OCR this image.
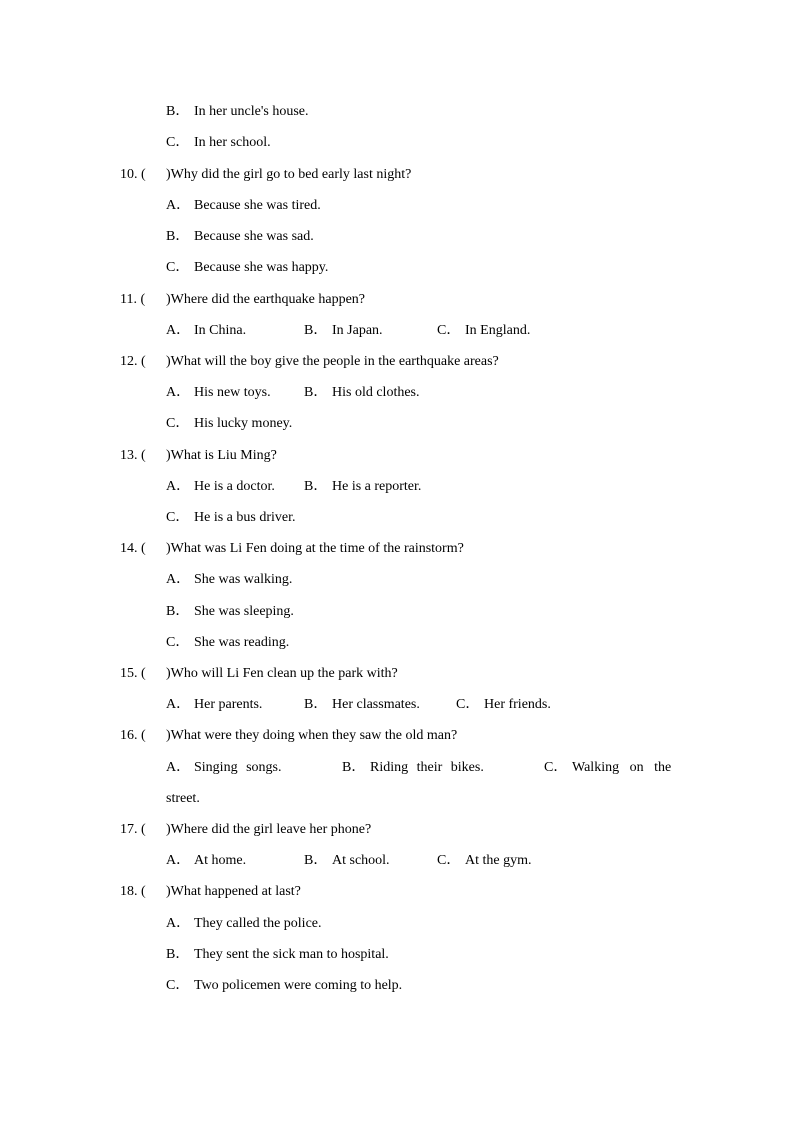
B． In her uncle's house.
C． In her school.
10. ( )Why did the girl go to bed early last night?
A． Because she was tired.
B． Because she was sad.
C． Because she was happy.
11. ( )Where did the earthquake happen?
A． In China.	B． In Japan.	C． In England.
12. ( )What will the boy give the people in the earthquake areas?
A． His new toys. B． His old clothes.
C． His lucky money.
13. ( )What is Liu Ming?
A． He is a doctor. B． He is a reporter.
C． He is a bus driver.
14. ( )What was Li Fen doing at the time of the rainstorm?
A． She was walking.
B． She was sleeping.
C． She was reading.
15. ( )Who will Li Fen clean up the park with?
A． Her parents.	B． Her classmates.	C． Her friends.
16. ( )What were they doing when they saw the old man?
A． Singing songs.	B． Riding their bikes.	C． Walking on the
street.
17. ( )Where did the girl leave her phone?
A． At home.	B． At school.	C． At the gym.
18. ( )What happened at last?
A． They called the police.
B． They sent the sick man to hospital.
C． Two policemen were coming to help.
